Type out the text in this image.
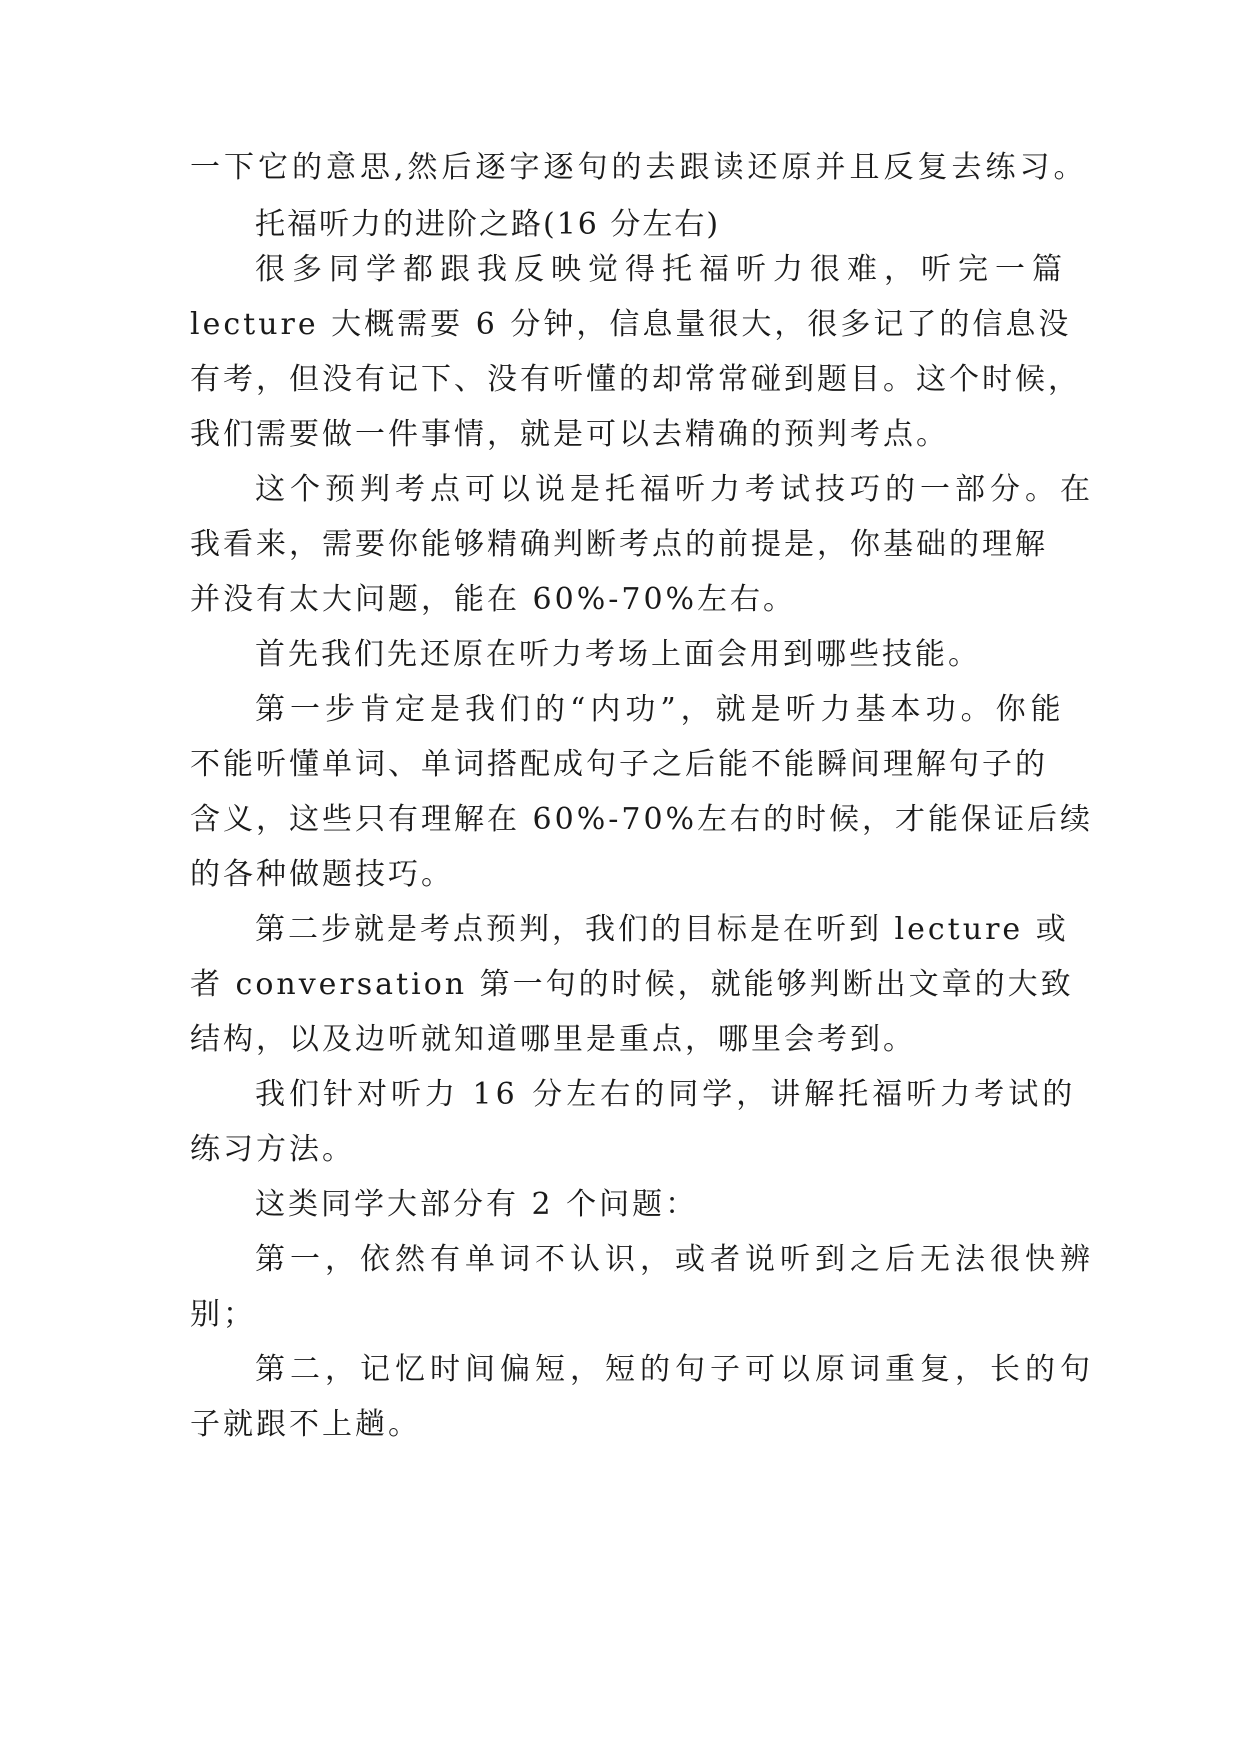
一下它的意思,然后逐字逐句的去跟读还原并且反复去练习。
托福听力的进阶之路(16 分左右)
很多同学都跟我反映觉得托福听力很难，听完一篇
lecture 大概需要 6 分钟，信息量很大，很多记了的信息没
有考，但没有记下、没有听懂的却常常碰到题目。这个时候，
我们需要做一件事情，就是可以去精确的预判考点。
这个预判考点可以说是托福听力考试技巧的一部分。在
我看来，需要你能够精确判断考点的前提是，你基础的理解
并没有太大问题，能在 60%-70%左右。
首先我们先还原在听力考场上面会用到哪些技能。
第一步肯定是我们的“内功”，就是听力基本功。你能
不能听懂单词、单词搭配成句子之后能不能瞬间理解句子的
含义，这些只有理解在 60%-70%左右的时候，才能保证后续
的各种做题技巧。
第二步就是考点预判，我们的目标是在听到 lecture 或
者 conversation 第一句的时候，就能够判断出文章的大致
结构，以及边听就知道哪里是重点，哪里会考到。
我们针对听力 16 分左右的同学，讲解托福听力考试的
练习方法。
这类同学大部分有 2 个问题：
第一，依然有单词不认识，或者说听到之后无法很快辨
别；
第二，记忆时间偏短，短的句子可以原词重复，长的句
子就跟不上趟。
